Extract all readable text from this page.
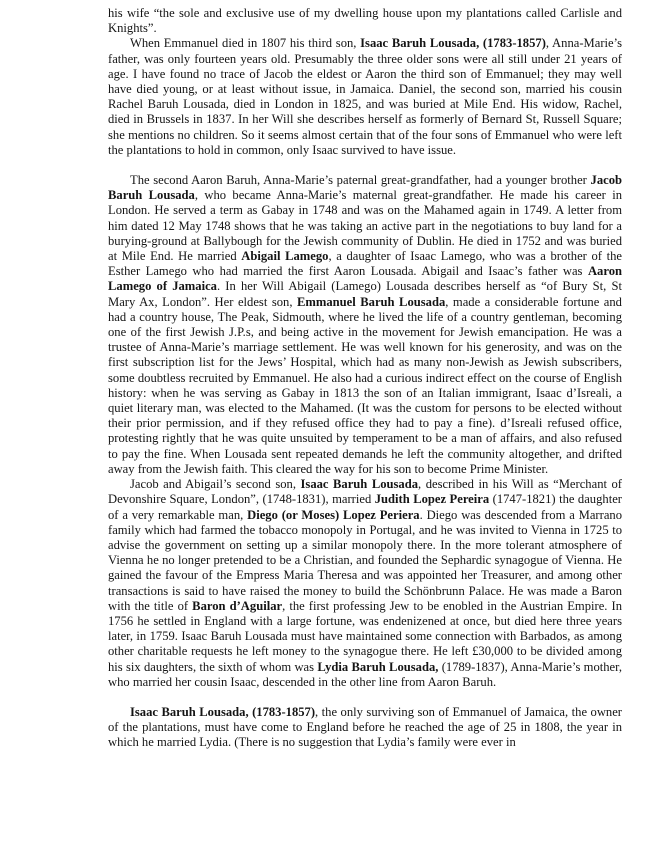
his wife “the sole and exclusive use of my dwelling house upon my plantations called Carlisle and Knights”.

When Emmanuel died in 1807 his third son, Isaac Baruh Lousada, (1783-1857), Anna-Marie’s father, was only fourteen years old. Presumably the three older sons were all still under 21 years of age. I have found no trace of Jacob the eldest or Aaron the third son of Emmanuel; they may well have died young, or at least without issue, in Jamaica. Daniel, the second son, married his cousin Rachel Baruh Lousada, died in London in 1825, and was buried at Mile End. His widow, Rachel, died in Brussels in 1837. In her Will she describes herself as formerly of Bernard St, Russell Square; she mentions no children. So it seems almost certain that of the four sons of Emmanuel who were left the plantations to hold in common, only Isaac survived to have issue.

The second Aaron Baruh, Anna-Marie’s paternal great-grandfather, had a younger brother Jacob Baruh Lousada, who became Anna-Marie’s maternal great-grandfather. He made his career in London. He served a term as Gabay in 1748 and was on the Mahamed again in 1749. A letter from him dated 12 May 1748 shows that he was taking an active part in the negotiations to buy land for a burying-ground at Ballybough for the Jewish community of Dublin. He died in 1752 and was buried at Mile End. He married Abigail Lamego, a daughter of Isaac Lamego, who was a brother of the Esther Lamego who had married the first Aaron Lousada. Abigail and Isaac’s father was Aaron Lamego of Jamaica. In her Will Abigail (Lamego) Lousada describes herself as “of Bury St, St Mary Ax, London”. Her eldest son, Emmanuel Baruh Lousada, made a considerable fortune and had a country house, The Peak, Sidmouth, where he lived the life of a country gentleman, becoming one of the first Jewish J.P.s, and being active in the movement for Jewish emancipation. He was a trustee of Anna-Marie’s marriage settlement. He was well known for his generosity, and was on the first subscription list for the Jews’ Hospital, which had as many non-Jewish as Jewish subscribers, some doubtless recruited by Emmanuel. He also had a curious indirect effect on the course of English history: when he was serving as Gabay in 1813 the son of an Italian immigrant, Isaac d’Isreali, a quiet literary man, was elected to the Mahamed. (It was the custom for persons to be elected without their prior permission, and if they refused office they had to pay a fine). d’Isreali refused office, protesting rightly that he was quite unsuited by temperament to be a man of affairs, and also refused to pay the fine. When Lousada sent repeated demands he left the community altogether, and drifted away from the Jewish faith. This cleared the way for his son to become Prime Minister.

Jacob and Abigail’s second son, Isaac Baruh Lousada, described in his Will as “Merchant of Devonshire Square, London”, (1748-1831), married Judith Lopez Pereira (1747-1821) the daughter of a very remarkable man, Diego (or Moses) Lopez Periera. Diego was descended from a Marrano family which had farmed the tobacco monopoly in Portugal, and he was invited to Vienna in 1725 to advise the government on setting up a similar monopoly there. In the more tolerant atmosphere of Vienna he no longer pretended to be a Christian, and founded the Sephardic synagogue of Vienna. He gained the favour of the Empress Maria Theresa and was appointed her Treasurer, and among other transactions is said to have raised the money to build the Schönbrunn Palace. He was made a Baron with the title of Baron d’Aguilar, the first professing Jew to be enobled in the Austrian Empire. In 1756 he settled in England with a large fortune, was endenizened at once, but died here three years later, in 1759. Isaac Baruh Lousada must have maintained some connection with Barbados, as among other charitable requests he left money to the synagogue there. He left £30,000 to be divided among his six daughters, the sixth of whom was Lydia Baruh Lousada, (1789-1837), Anna-Marie’s mother, who married her cousin Isaac, descended in the other line from Aaron Baruh.

Isaac Baruh Lousada, (1783-1857), the only surviving son of Emmanuel of Jamaica, the owner of the plantations, must have come to England before he reached the age of 25 in 1808, the year in which he married Lydia. (There is no suggestion that Lydia’s family were ever in
